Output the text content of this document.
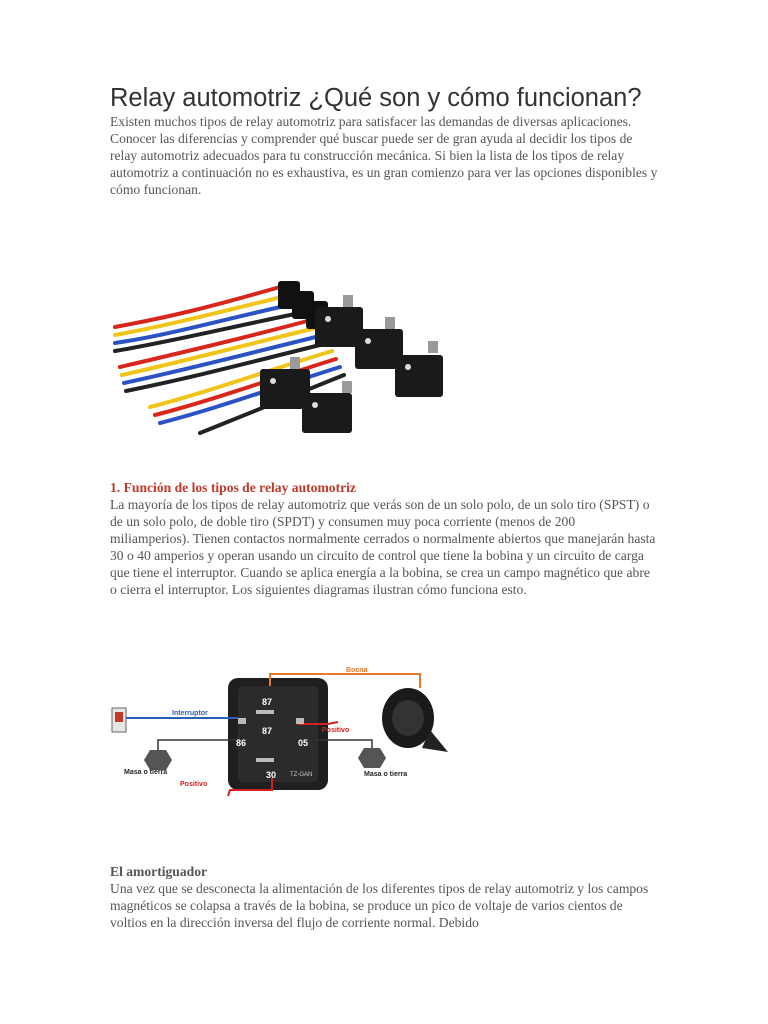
Relay automotriz ¿Qué son y cómo funcionan?

Existen muchos tipos de relay automotriz para satisfacer las demandas de diversas aplicaciones. Conocer las diferencias y comprender qué buscar puede ser de gran ayuda al decidir los tipos de relay automotriz adecuados para tu construcción mecánica. Si bien la lista de los tipos de relay automotriz a continuación no es exhaustiva, es un gran comienzo para ver las opciones disponibles y cómo funcionan.

1. Función de los tipos de relay automotriz

La mayoría de los tipos de relay automotriz que verás son de un solo polo, de un solo tiro (SPST) o de un solo polo, de doble tiro (SPDT) y consumen muy poca corriente (menos de 200 miliamperios). Tienen contactos normalmente cerrados o normalmente abiertos que manejarán hasta 30 o 40 amperios y operan usando un circuito de control que tiene la bobina y un circuito de carga que tiene el interruptor. Cuando se aplica energía a la bobina, se crea un campo magnético que abre o cierra el interruptor. Los siguientes diagramas ilustran cómo funciona esto.

87
87
86	05
30 TZ-GAN
Interruptor
Bocna
Positivo
Positivo
Masa o tierra	Masa o tierra

El amortiguador

Una vez que se desconecta la alimentación de los diferentes tipos de relay automotriz y los campos magnéticos se colapsa a través de la bobina, se produce un pico de voltaje de varios cientos de voltios en la dirección inversa del flujo de corriente normal. Debido
